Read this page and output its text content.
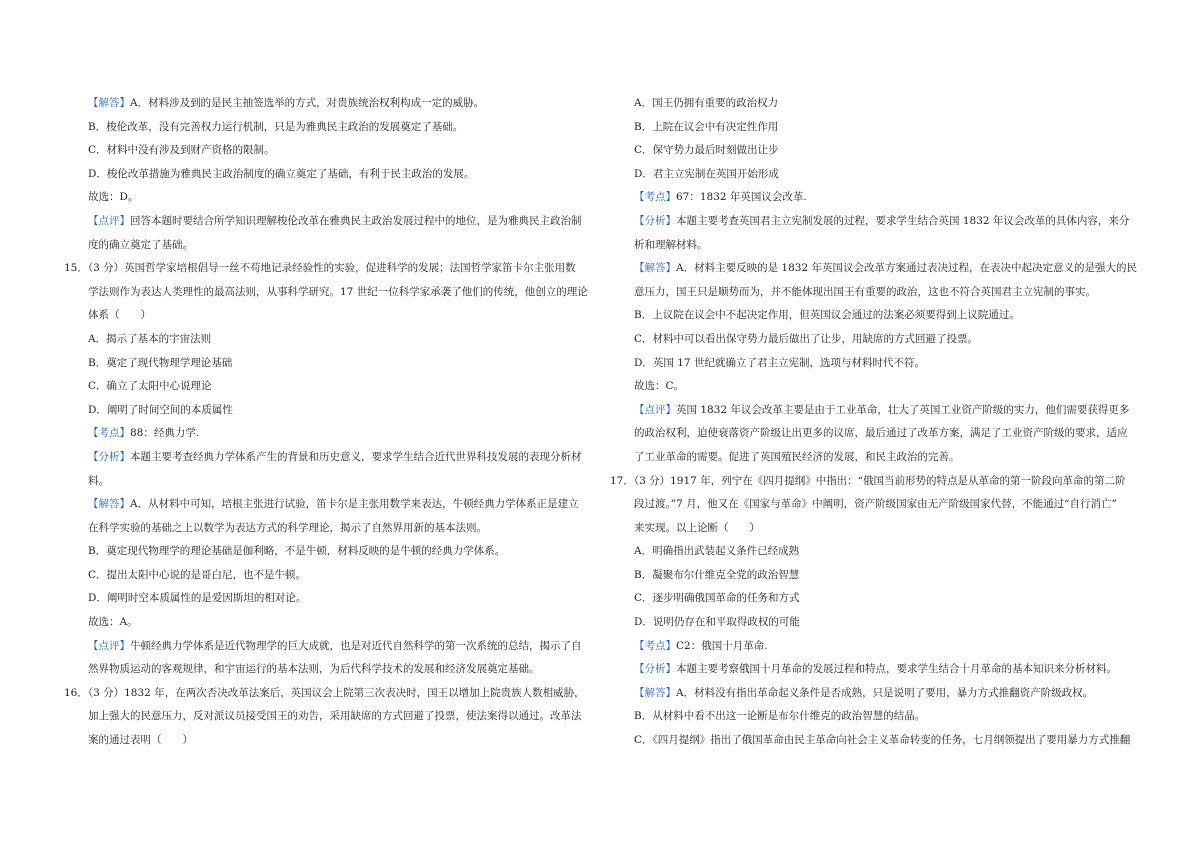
【解答】A．材料涉及到的是民主抽签选举的方式，对贵族统治权利构成一定的威胁。
B．梭伦改革，没有完善权力运行机制，只是为雅典民主政治的发展奠定了基础。
C．材料中没有涉及到财产资格的限制。
D．梭伦改革措施为雅典民主政治制度的确立奠定了基础，有利于民主政治的发展。
故选：D。
【点评】回答本题时要结合所学知识理解梭伦改革在雅典民主政治发展过程中的地位，是为雅典民主政治制
度的确立奠定了基础。
15．（3 分）英国哲学家培根倡导一丝不苟地记录经验性的实验，促进科学的发展；法国哲学家笛卡尔主张用数
学法则作为表达人类理性的最高法则，从事科学研究。17 世纪一位科学家承袭了他们的传统，他创立的理论
体系（　　）
A．揭示了基本的宇宙法则
B．奠定了现代物理学理论基础
C．确立了太阳中心说理论
D．阐明了时间空间的本质属性
【考点】88：经典力学.
【分析】本题主要考查经典力学体系产生的背景和历史意义，要求学生结合近代世界科技发展的表现分析材
料。
【解答】A．从材料中可知，培根主张进行试验，笛卡尔是主张用数学来表达，牛顿经典力学体系正是建立
在科学实验的基础之上以数学为表达方式的科学理论，揭示了自然界用新的基本法则。
B．奠定现代物理学的理论基础是伽利略，不是牛顿，材料反映的是牛顿的经典力学体系。
C．提出太阳中心说的是哥白尼，也不是牛顿。
D．阐明时空本质属性的是爱因斯坦的相对论。
故选：A。
【点评】牛顿经典力学体系是近代物理学的巨大成就，也是对近代自然科学的第一次系统的总结，揭示了自
然界物质运动的客观规律，和宇宙运行的基本法则，为后代科学技术的发展和经济发展奠定基础。
16．（3 分）1832 年，在两次否决改革法案后，英国议会上院第三次表决时，国王以增加上院贵族人数相威胁，
加上强大的民意压力，反对派议员接受国王的劝告，采用缺席的方式回避了投票，使法案得以通过。改革法
案的通过表明（　　）
A．国王仍拥有重要的政治权力
B．上院在议会中有决定性作用
C．保守势力最后时刻做出让步
D．君主立宪制在英国开始形成
【考点】67：1832 年英国议会改革.
【分析】本题主要考查英国君主立宪制发展的过程，要求学生结合英国 1832 年议会改革的具体内容，来分
析和理解材料。
【解答】A．材料主要反映的是 1832 年英国议会改革方案通过表决过程，在表决中起决定意义的是强大的民
意压力，国王只是顺势而为，并不能体现出国王有重要的政治，这也不符合英国君主立宪制的事实。
B．上议院在议会中不起决定作用，但英国议会通过的法案必须要得到上议院通过。
C．材料中可以看出保守势力最后做出了让步，用缺席的方式回避了投票。
D．英国 17 世纪就确立了君主立宪制，选项与材料时代不符。
故选：C。
【点评】英国 1832 年议会改革主要是由于工业革命，壮大了英国工业资产阶级的实力，他们需要获得更多
的政治权利，迫使衰落资产阶级让出更多的议席，最后通过了改革方案，满足了工业资产阶级的要求，适应
了工业革命的需要。促进了英国殖民经济的发展，和民主政治的完善。
17．（3 分）1917 年，列宁在《四月提纲》中指出：“俄国当前形势的特点是从革命的第一阶段向革命的第二阶
段过渡。”7 月，他又在《国家与革命》中阐明，资产阶级国家由无产阶级国家代替，不能通过“自行消亡”
来实现。以上论断（　　）
A．明确指出武装起义条件已经成熟
B．凝聚布尔什维克全党的政治智慧
C．逐步明确俄国革命的任务和方式
D．说明仍存在和平取得政权的可能
【考点】C2：俄国十月革命.
【分析】本题主要考察俄国十月革命的发展过程和特点，要求学生结合十月革命的基本知识来分析材料。
【解答】A．材料没有指出革命起义条件是否成熟，只是说明了要用，暴力方式推翻资产阶级政权。
B．从材料中看不出这一论断是布尔什维克的政治智慧的结晶。
C．《四月提纲》指出了俄国革命由民主革命向社会主义革命转变的任务，七月纲领提出了要用暴力方式推翻
